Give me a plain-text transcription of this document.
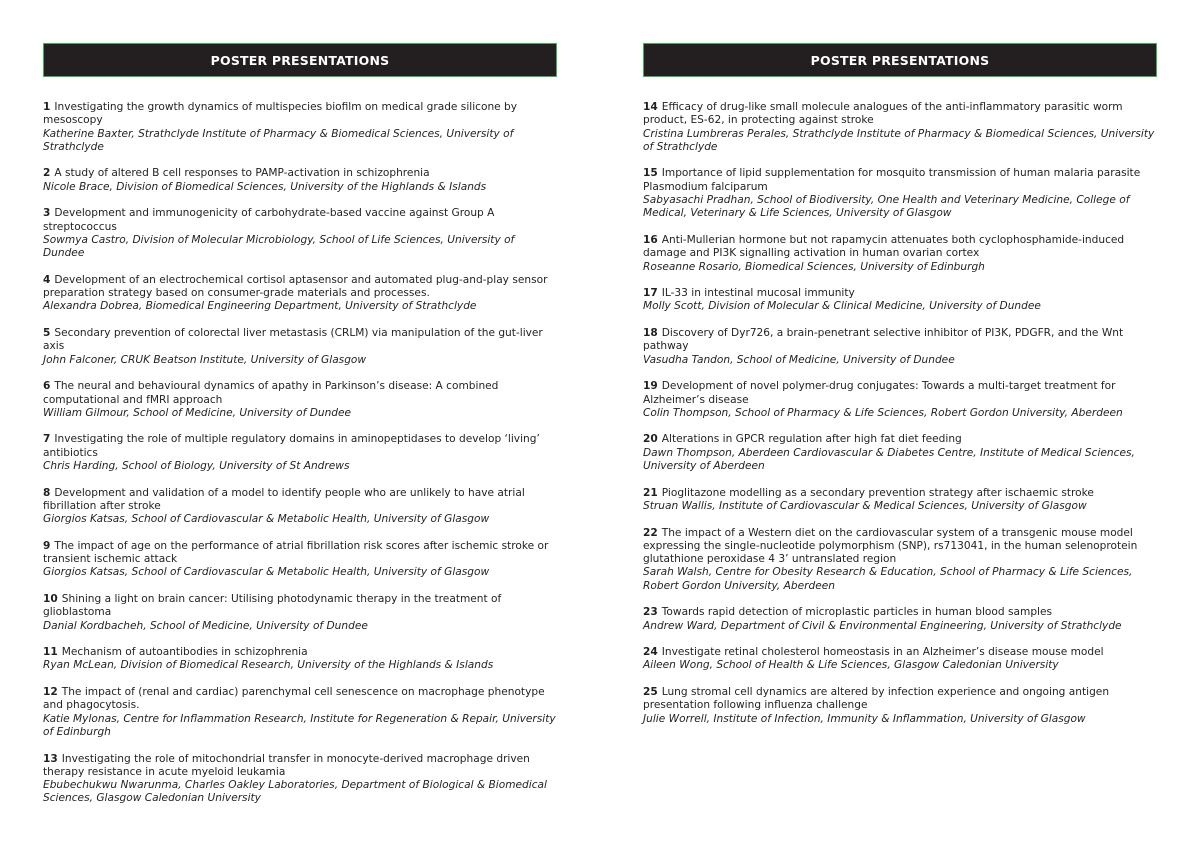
POSTER PRESENTATIONS

1 Investigating the growth dynamics of multispecies biofilm on medical grade silicone by mesoscopy

Katherine Baxter, Strathclyde Institute of Pharmacy & Biomedical Sciences, University of Strathclyde

2 A study of altered B cell responses to PAMP-activation in schizophrenia

Nicole Brace, Division of Biomedical Sciences, University of the Highlands & Islands

3 Development and immunogenicity of carbohydrate-based vaccine against Group A streptococcus

Sowmya Castro, Division of Molecular Microbiology, School of Life Sciences, University of Dundee

4 Development of an electrochemical cortisol aptasensor and automated plug-and-play sensor preparation strategy based on consumer-grade materials and processes.

Alexandra Dobrea, Biomedical Engineering Department, University of Strathclyde

5 Secondary prevention of colorectal liver metastasis (CRLM) via manipulation of the gut-liver axis

John Falconer, CRUK Beatson Institute, University of Glasgow

6 The neural and behavioural dynamics of apathy in Parkinson’s disease: A combined computational and fMRI approach

William Gilmour, School of Medicine, University of Dundee

7 Investigating the role of multiple regulatory domains in aminopeptidases to develop ‘living’ antibiotics

Chris Harding, School of Biology, University of St Andrews

8 Development and validation of a model to identify people who are unlikely to have atrial fibrillation after stroke

Giorgios Katsas, School of Cardiovascular & Metabolic Health, University of Glasgow

9 The impact of age on the performance of atrial fibrillation risk scores after ischemic stroke or transient ischemic attack

Giorgios Katsas, School of Cardiovascular & Metabolic Health, University of Glasgow

10 Shining a light on brain cancer: Utilising photodynamic therapy in the treatment of glioblastoma

Danial Kordbacheh, School of Medicine, University of Dundee

11 Mechanism of autoantibodies in schizophrenia

Ryan McLean, Division of Biomedical Research, University of the Highlands & Islands

12 The impact of (renal and cardiac) parenchymal cell senescence on macrophage phenotype and phagocytosis.

Katie Mylonas, Centre for Inflammation Research, Institute for Regeneration & Repair, University of Edinburgh

13 Investigating the role of mitochondrial transfer in monocyte-derived macrophage driven therapy resistance in acute myeloid leukamia

Ebubechukwu Nwarunma, Charles Oakley Laboratories, Department of Biological & Biomedical Sciences, Glasgow Caledonian University

POSTER PRESENTATIONS

14 Efficacy of drug-like small molecule analogues of the anti-inflammatory parasitic worm product, ES-62, in protecting against stroke

Cristina Lumbreras Perales, Strathclyde Institute of Pharmacy & Biomedical Sciences, University of Strathclyde

15 Importance of lipid supplementation for mosquito transmission of human malaria parasite Plasmodium falciparum

Sabyasachi Pradhan, School of Biodiversity, One Health and Veterinary Medicine, College of Medical, Veterinary & Life Sciences, University of Glasgow

16 Anti-Mullerian hormone but not rapamycin attenuates both cyclophosphamide-induced damage and PI3K signalling activation in human ovarian cortex

Roseanne Rosario, Biomedical Sciences, University of Edinburgh

17 IL-33 in intestinal mucosal immunity

Molly Scott, Division of Molecular & Clinical Medicine, University of Dundee

18 Discovery of Dyr726, a brain-penetrant selective inhibitor of PI3K, PDGFR, and the Wnt pathway

Vasudha Tandon, School of Medicine, University of Dundee

19 Development of novel polymer-drug conjugates: Towards a multi-target treatment for Alzheimer’s disease

Colin Thompson, School of Pharmacy & Life Sciences, Robert Gordon University, Aberdeen

20 Alterations in GPCR regulation after high fat diet feeding

Dawn Thompson, Aberdeen Cardiovascular & Diabetes Centre, Institute of Medical Sciences, University of Aberdeen

21 Pioglitazone modelling as a secondary prevention strategy after ischaemic stroke

Struan Wallis, Institute of Cardiovascular & Medical Sciences, University of Glasgow

22 The impact of a Western diet on the cardiovascular system of a transgenic mouse model expressing the single-nucleotide polymorphism (SNP), rs713041, in the human selenoprotein glutathione peroxidase 4 3’ untranslated region

Sarah Walsh, Centre for Obesity Research & Education, School of Pharmacy & Life Sciences, Robert Gordon University, Aberdeen

23 Towards rapid detection of microplastic particles in human blood samples

Andrew Ward, Department of Civil & Environmental Engineering, University of Strathclyde

24 Investigate retinal cholesterol homeostasis in an Alzheimer’s disease mouse model

Aileen Wong, School of Health & Life Sciences, Glasgow Caledonian University

25 Lung stromal cell dynamics are altered by infection experience and ongoing antigen presentation following influenza challenge

Julie Worrell, Institute of Infection, Immunity & Inflammation, University of Glasgow
